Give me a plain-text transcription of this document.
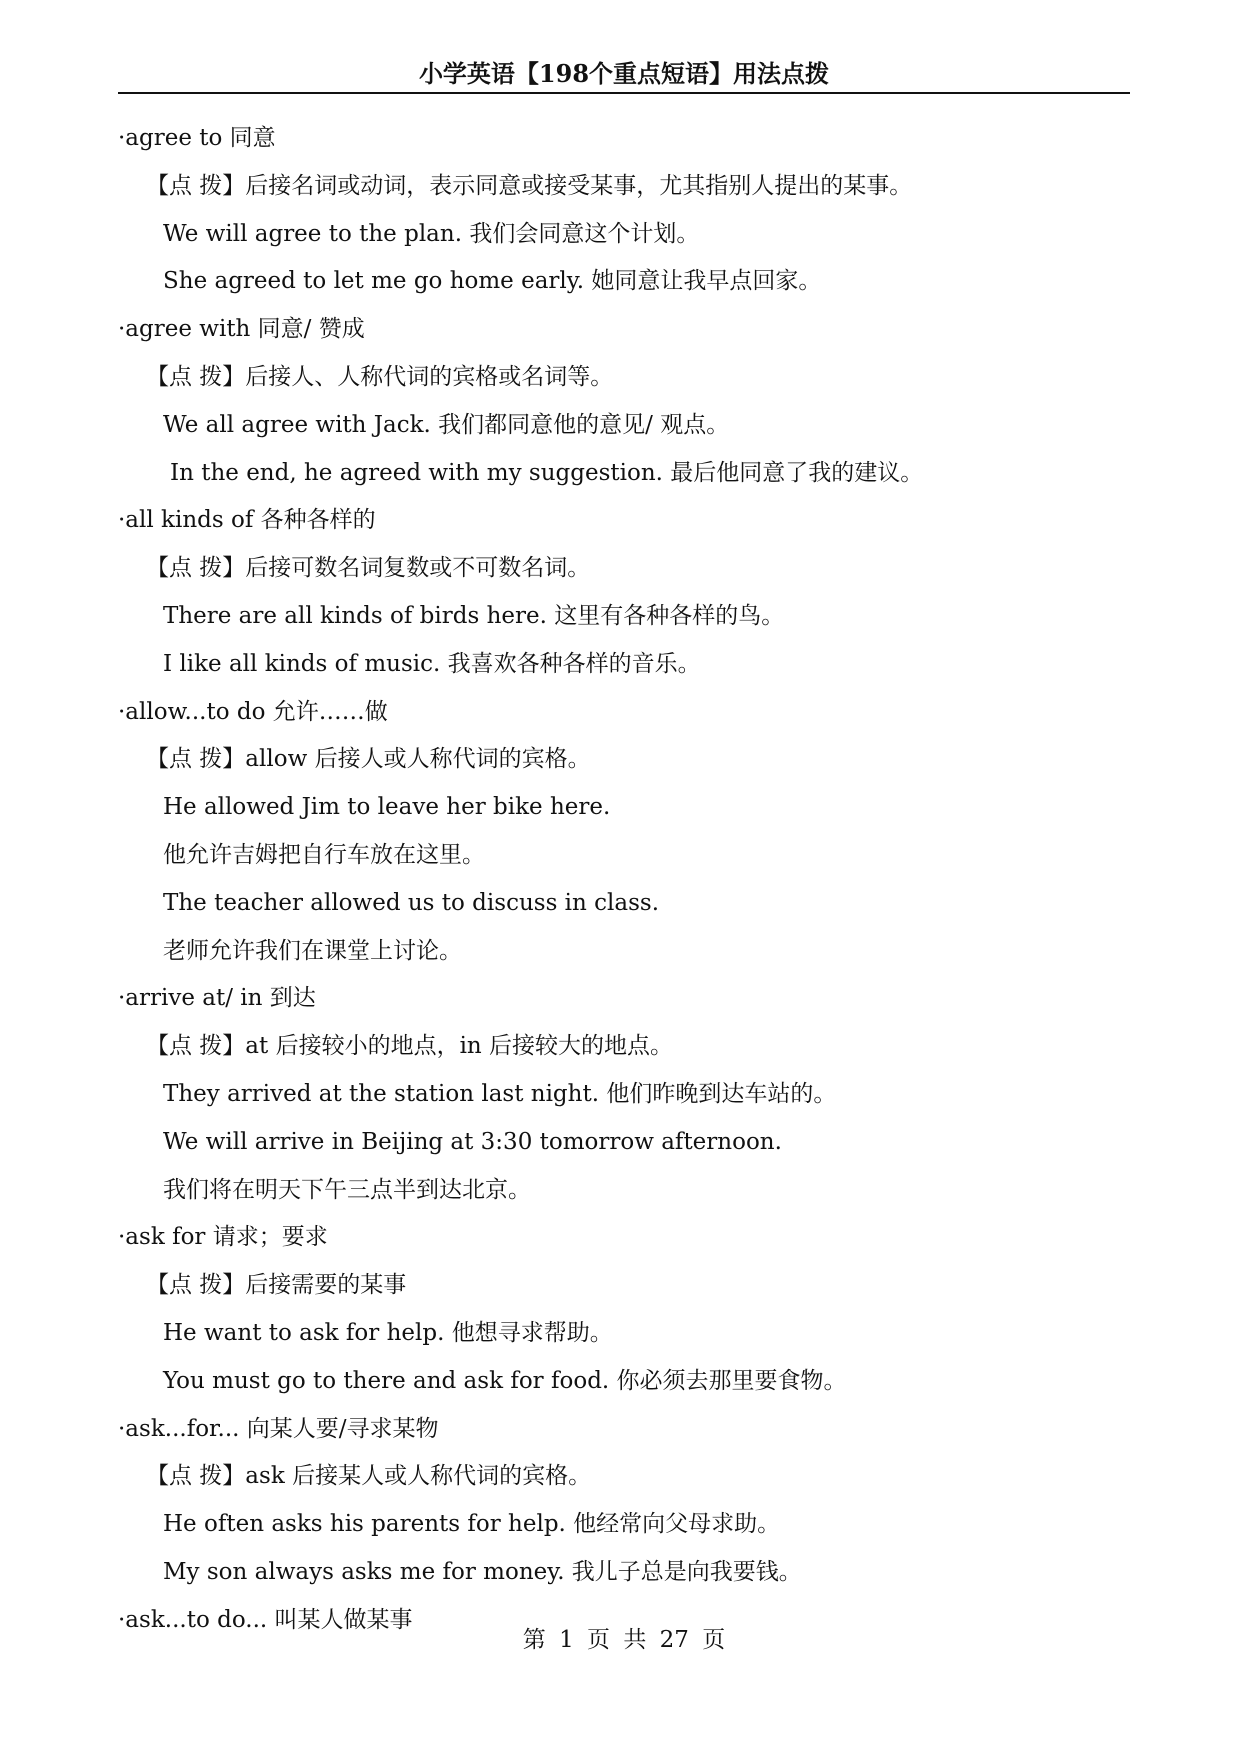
小学英语【198个重点短语】用法点拨
·agree to 同意
【点 拨】后接名词或动词，表示同意或接受某事，尤其指别人提出的某事。
We will agree to the plan. 我们会同意这个计划。
She agreed to let me go home early. 她同意让我早点回家。
·agree with 同意/ 赞成
【点 拨】后接人、人称代词的宾格或名词等。
We all agree with Jack. 我们都同意他的意见/ 观点。
In the end, he agreed with my suggestion. 最后他同意了我的建议。
·all kinds of 各种各样的
【点 拨】后接可数名词复数或不可数名词。
There are all kinds of birds here. 这里有各种各样的鸟。
I like all kinds of music. 我喜欢各种各样的音乐。
·allow...to do 允许……做
【点 拨】allow 后接人或人称代词的宾格。
He allowed Jim to leave her bike here.
他允许吉姆把自行车放在这里。
The teacher allowed us to discuss in class.
老师允许我们在课堂上讨论。
·arrive at/ in 到达
【点 拨】at 后接较小的地点，in 后接较大的地点。
They arrived at the station last night. 他们昨晚到达车站的。
We will arrive in Beijing at 3:30 tomorrow afternoon.
我们将在明天下午三点半到达北京。
·ask for 请求；要求
【点 拨】后接需要的某事
He want to ask for help. 他想寻求帮助。
You must go to there and ask for food. 你必须去那里要食物。
·ask...for... 向某人要/寻求某物
【点 拨】ask 后接某人或人称代词的宾格。
He often asks his parents for help. 他经常向父母求助。
My son always asks me for money. 我儿子总是向我要钱。
·ask...to do... 叫某人做某事
第 1 页 共 27 页
